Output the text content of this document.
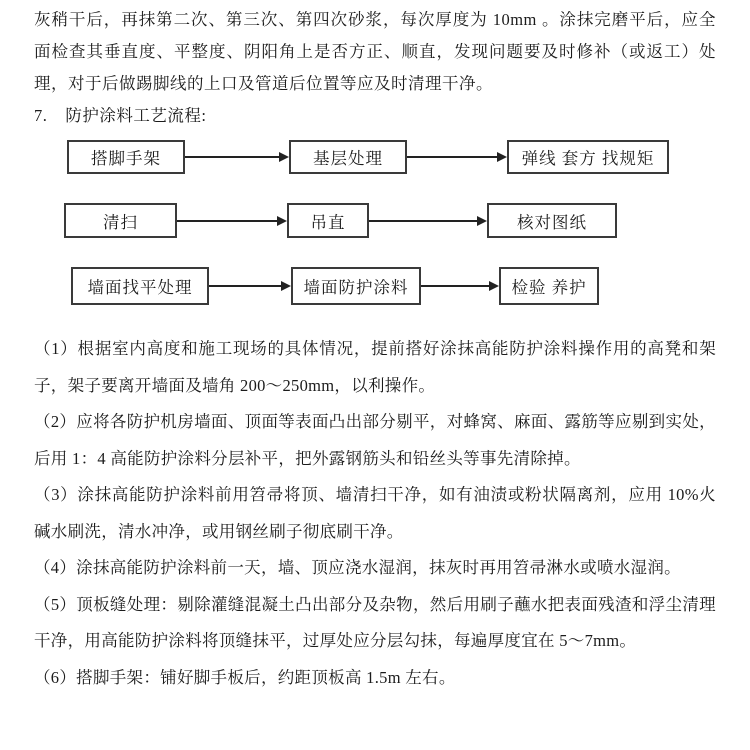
灰稍干后，再抹第二次、第三次、第四次砂浆，每次厚度为 10mm 。涂抹完磨平后，应全面检查其垂直度、平整度、阴阳角上是否方正、顺直，发现问题要及时修补（或返工）处理，对于后做踢脚线的上口及管道后位置等应及时清理干净。

7. 防护涂料工艺流程:

搭脚手架	基层处理	弹线 套方 找规矩
清扫	吊直	核对图纸
墙面找平处理	墙面防护涂料	检验 养护

（1）根据室内高度和施工现场的具体情况，提前搭好涂抹高能防护涂料操作用的高凳和架子，架子要离开墙面及墙角 200～250mm，以利操作。

（2）应将各防护机房墙面、顶面等表面凸出部分剔平，对蜂窝、麻面、露筋等应剔到实处，后用 1：4 高能防护涂料分层补平，把外露钢筋头和铅丝头等事先清除掉。

（3）涂抹高能防护涂料前用笤帚将顶、墙清扫干净，如有油渍或粉状隔离剂，应用 10%火碱水刷洗，清水冲净，或用钢丝刷子彻底刷干净。

（4）涂抹高能防护涂料前一天，墙、顶应浇水湿润，抹灰时再用笤帚淋水或喷水湿润。

（5）顶板缝处理：剔除灌缝混凝土凸出部分及杂物，然后用刷子蘸水把表面残渣和浮尘清理干净，用高能防护涂料将顶缝抹平，过厚处应分层勾抹，每遍厚度宜在 5～7mm。

（6）搭脚手架：铺好脚手板后，约距顶板高 1.5m 左右。
